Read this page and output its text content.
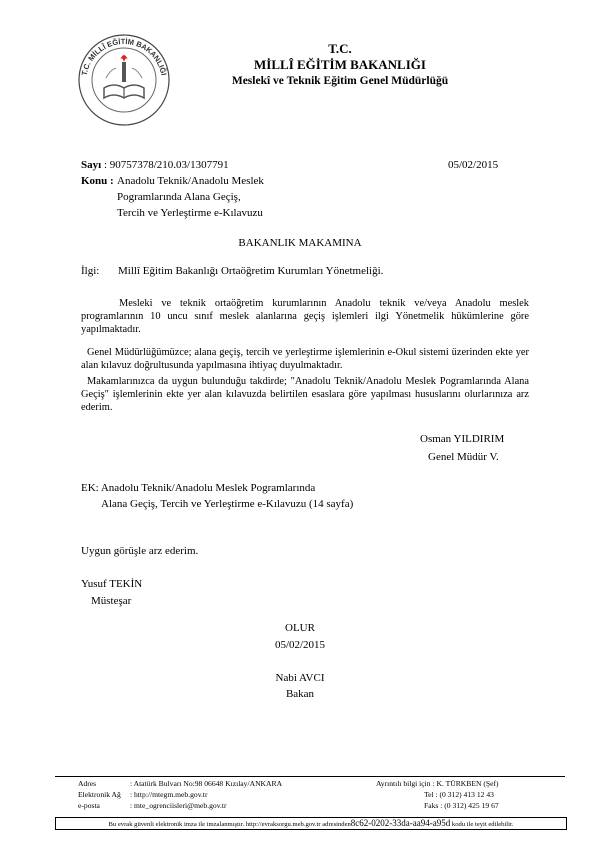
T.C. MİLLÎ EĞİTİM BAKANLIĞI
T.C.
MİLLÎ EĞİTİM BAKANLIĞI
Meslekî ve Teknik Eğitim Genel Müdürlüğü
Sayı : 90757378/210.03/1307791	05/02/2015
Konu : Anadolu Teknik/Anadolu Meslek
Pogramlarında Alana Geçiş,
Tercih ve Yerleştirme e-Kılavuzu
BAKANLIK MAKAMINA
İlgi: Millî Eğitim Bakanlığı Ortaöğretim Kurumları Yönetmeliği.
Mesleki ve teknik ortaöğretim kurumlarının Anadolu teknik ve/veya Anadolu meslek programlarının 10 uncu sınıf meslek alanlarına geçiş işlemleri ilgi Yönetmelik hükümlerine göre yapılmaktadır.
Genel Müdürlüğümüzce; alana geçiş, tercih ve yerleştirme işlemlerinin e-Okul sistemi üzerinden ekte yer alan kılavuz doğrultusunda yapılmasına ihtiyaç duyulmaktadır.
Makamlarınızca da uygun bulunduğu takdirde; "Anadolu Teknik/Anadolu Meslek Pogramlarında Alana Geçiş" işlemlerinin ekte yer alan kılavuzda belirtilen esaslara göre yapılması hususlarını olurlarınıza arz ederim.
Osman YILDIRIM
Genel Müdür V.
EK: Anadolu Teknik/Anadolu Meslek Pogramlarında
Alana Geçiş, Tercih ve Yerleştirme e-Kılavuzu (14 sayfa)
Uygun görüşle arz ederim.
Yusuf TEKİN
Müsteşar
OLUR
05/02/2015
Nabi AVCI
Bakan
Adres	: Atatürk Bulvarı No:98 06648 Kızılay/ANKARA
Elektronik Ağ : http://mtegm.meb.gov.tr
e-posta	: mte_ogrenciisleri@meb.gov.tr
Ayrıntılı bilgi için : K. TÜRKBEN (Şef)
Tel : (0 312) 413 12 43
Faks : (0 312) 425 19 67
Bu evrak güvenli elektronik imza ile imzalanmıştır. http://evraksorgu.meb.gov.tr adresinden8c62-0202-33da-aa94-a95d kodu ile teyit edilebilir.
